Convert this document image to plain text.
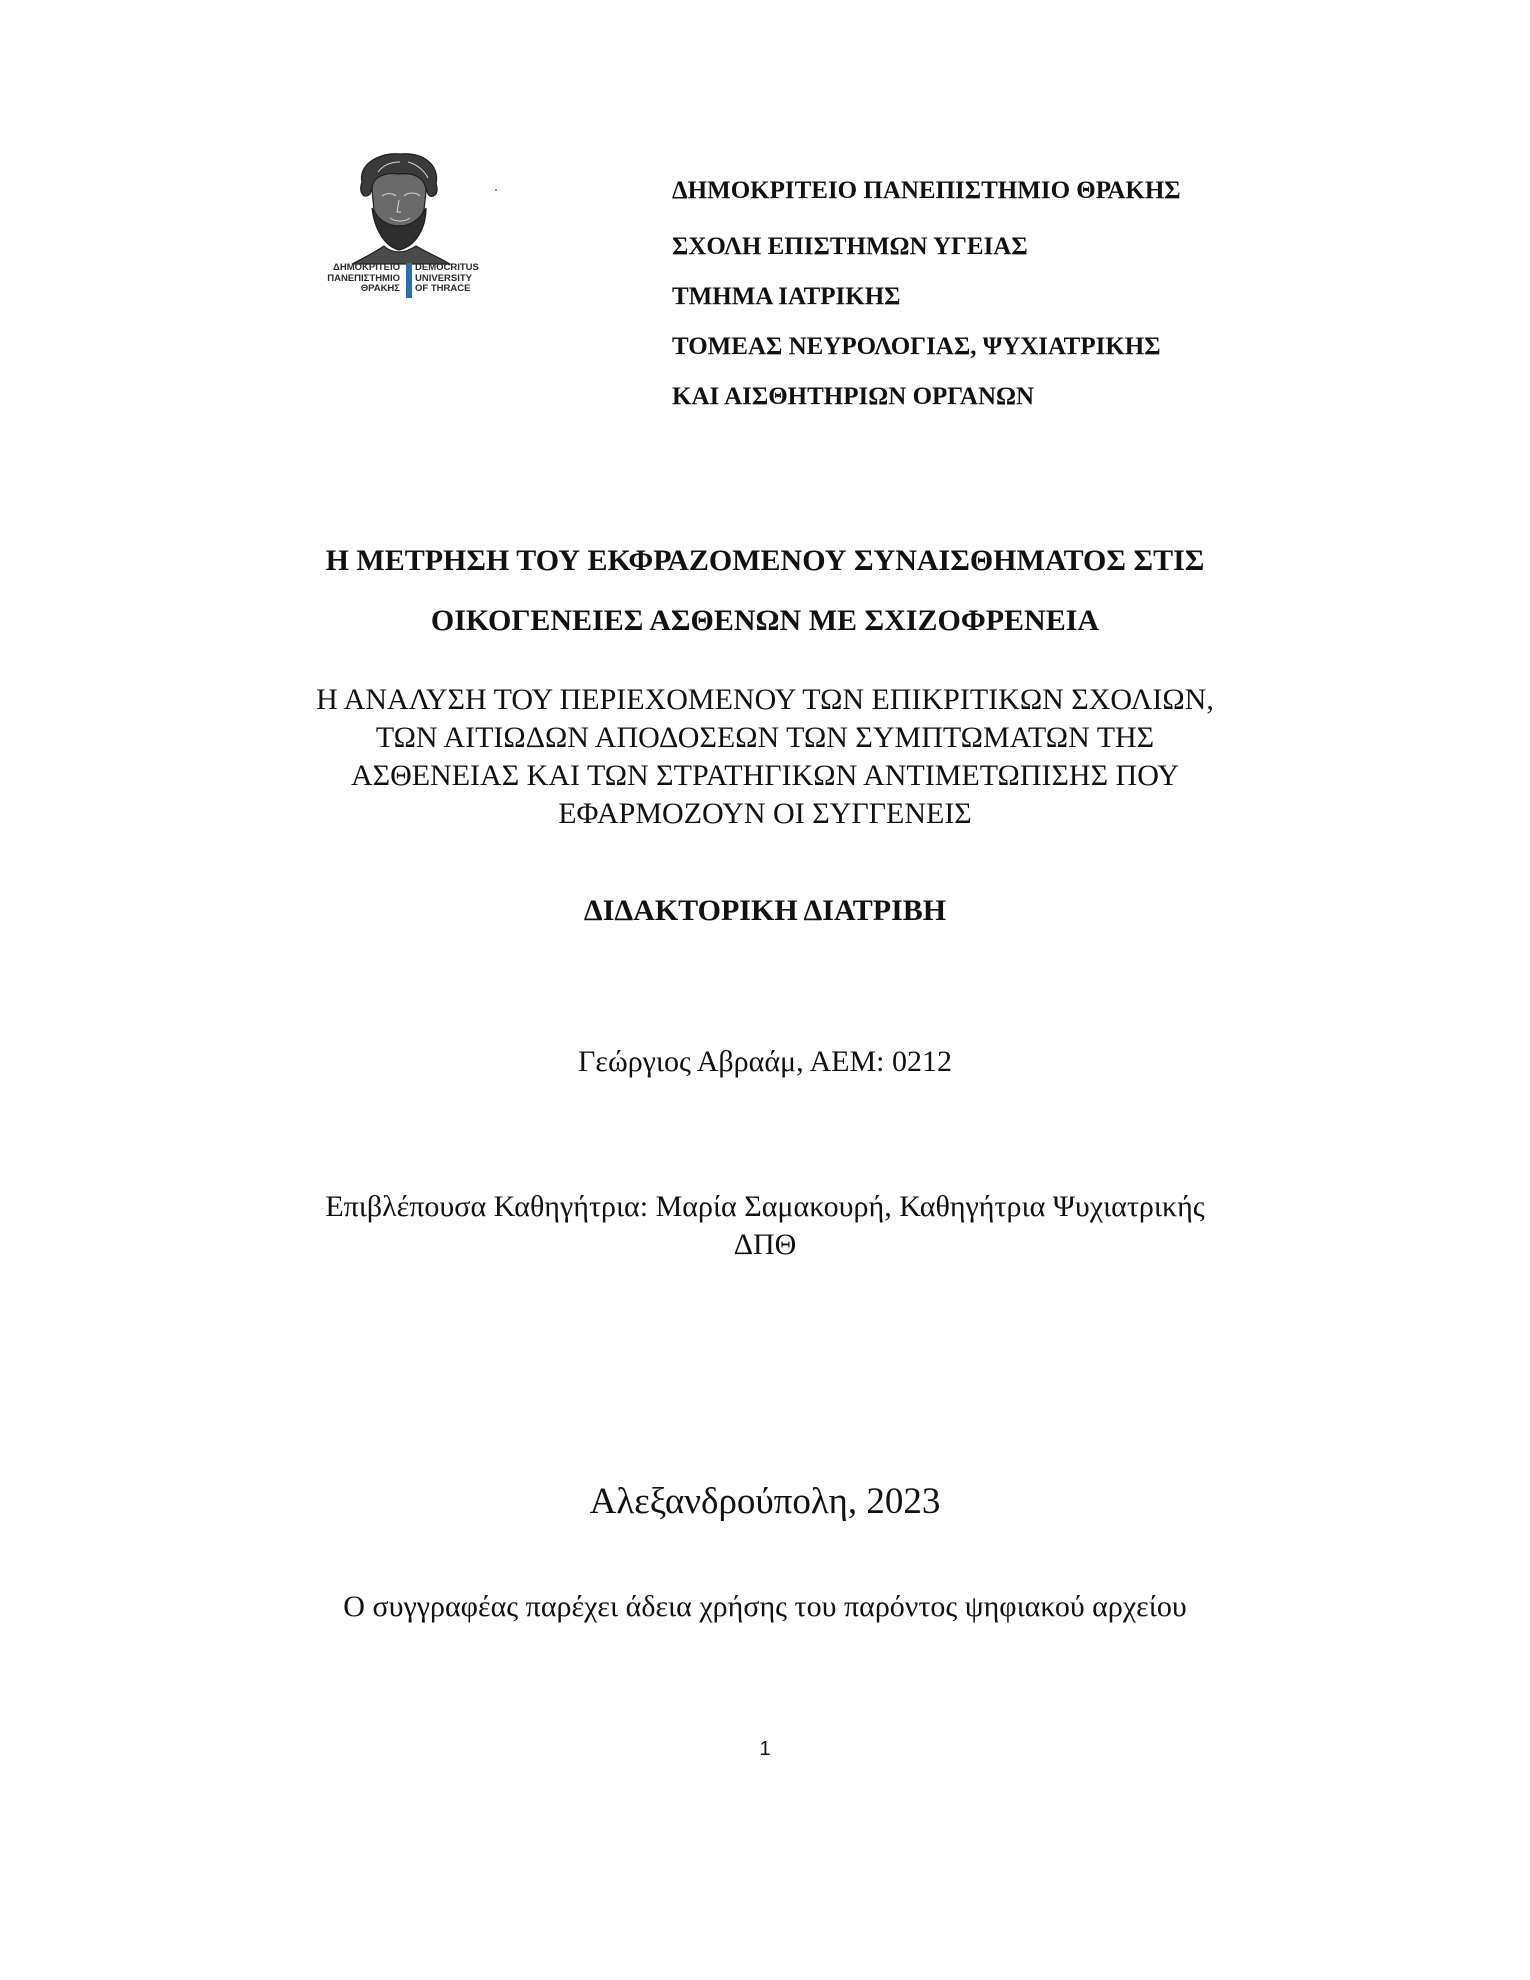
ΔΗΜΟΚΡΙΤΕΙΟ
ΠΑΝΕΠΙΣΤΗΜΙΟ
ΘΡΑΚΗΣ
DEMOCRITUS
UNIVERSITY
OF THRACE
ΔΗΜΟΚΡΙΤΕΙΟ ΠΑΝΕΠΙΣΤΗΜΙΟ ΘΡΑΚΗΣ
ΣΧΟΛΗ ΕΠΙΣΤΗΜΩΝ ΥΓΕΙΑΣ
ΤΜΗΜΑ ΙΑΤΡΙΚΗΣ
ΤΟΜΕΑΣ ΝΕΥΡΟΛΟΓΙΑΣ, ΨΥΧΙΑΤΡΙΚΗΣ
ΚΑΙ ΑΙΣΘΗΤΗΡΙΩΝ ΟΡΓΑΝΩΝ
Η ΜΕΤΡΗΣΗ ΤΟΥ ΕΚΦΡΑΖΟΜΕΝΟΥ ΣΥΝΑΙΣΘΗΜΑΤΟΣ ΣΤΙΣ
ΟΙΚΟΓΕΝΕΙΕΣ ΑΣΘΕΝΩΝ ΜΕ ΣΧΙΖΟΦΡΕΝΕΙΑ
Η ΑΝΑΛΥΣΗ ΤΟΥ ΠΕΡΙΕΧΟΜΕΝΟΥ ΤΩΝ ΕΠΙΚΡΙΤΙΚΩΝ ΣΧΟΛΙΩΝ,
ΤΩΝ ΑΙΤΙΩΔΩΝ ΑΠΟΔΟΣΕΩΝ ΤΩΝ ΣΥΜΠΤΩΜΑΤΩΝ ΤΗΣ
ΑΣΘΕΝΕΙΑΣ ΚΑΙ ΤΩΝ ΣΤΡΑΤΗΓΙΚΩΝ ΑΝΤΙΜΕΤΩΠΙΣΗΣ ΠΟΥ
ΕΦΑΡΜΟΖΟΥΝ ΟΙ ΣΥΓΓΕΝΕΙΣ
ΔΙΔΑΚΤΟΡΙΚΗ ΔΙΑΤΡΙΒΗ
Γεώργιος Αβραάμ, ΑΕΜ: 0212
Επιβλέπουσα Καθηγήτρια: Μαρία Σαμακουρή, Καθηγήτρια Ψυχιατρικής
ΔΠΘ
Αλεξανδρούπολη, 2023
Ο συγγραφέας παρέχει άδεια χρήσης του παρόντος ψηφιακού αρχείου
1
